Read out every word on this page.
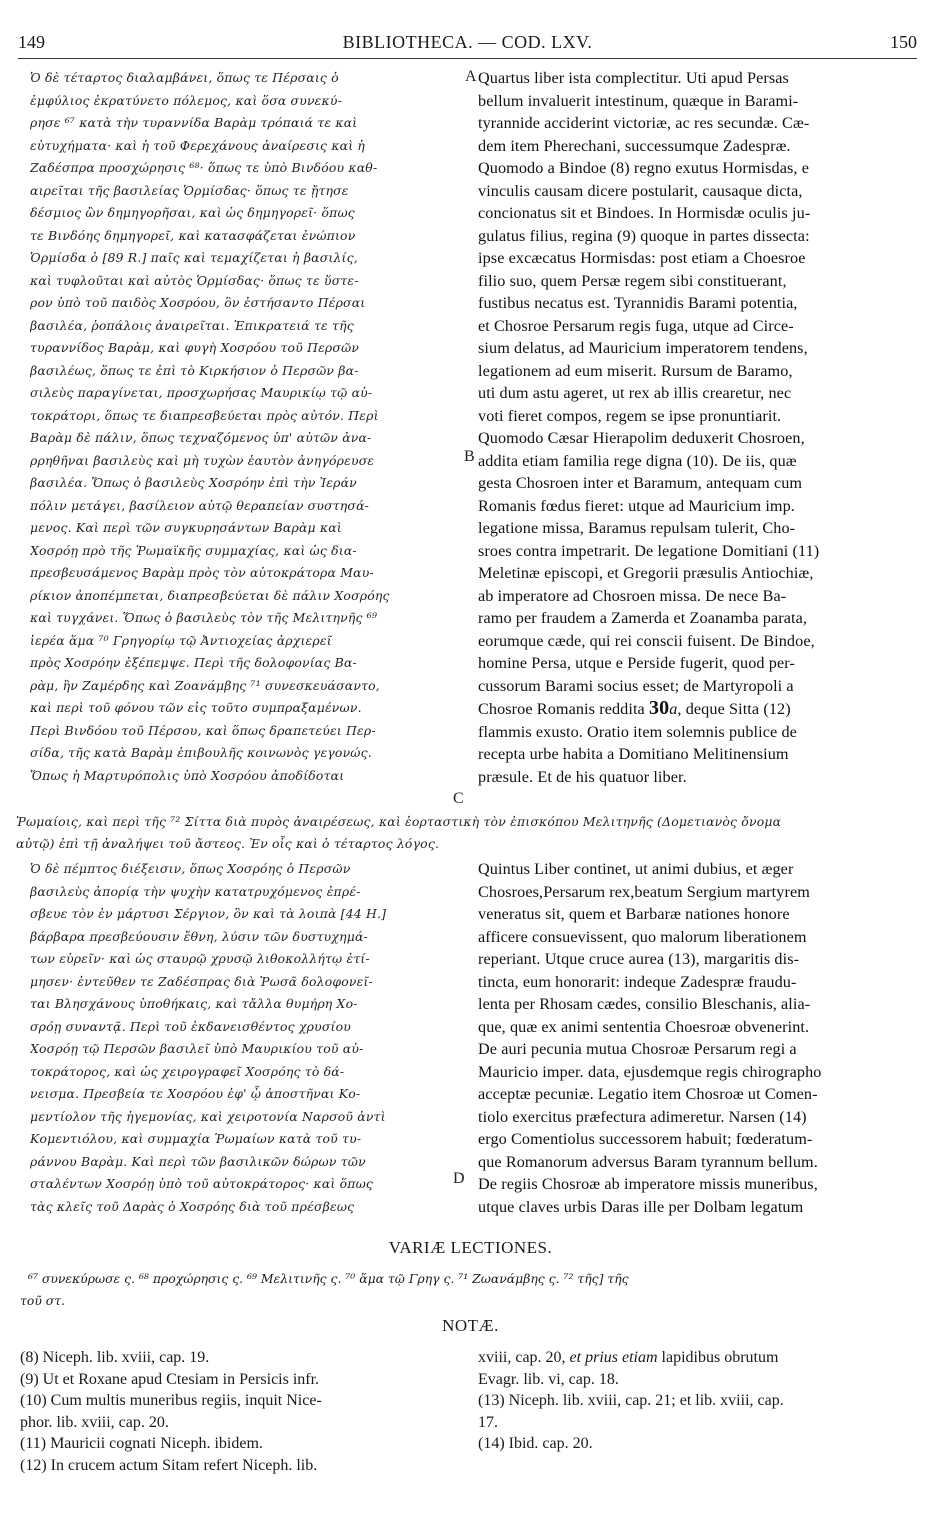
BIBLIOTHECA. — COD. LXV.
149	150
Ὁ δὲ τέταρτος διαλαμβάνει, ὅπως τε Πέρσαις ὁ
ἐμφύλιος ἐκρατύνετο πόλεμος, καὶ ὅσα συνεκύ-
ρησε ⁶⁷ κατὰ τὴν τυραννίδα Βαρὰμ τρόπαιά τε καὶ
εὐτυχήματα· καὶ ἡ τοῦ Φερεχάνους ἀναίρεσις καὶ ἡ
Ζαδέσπρα προσχώρησις ⁶⁸· ὅπως τε ὑπὸ Βινδόου καθ-
αιρεῖται τῆς βασιλείας Ὁρμίσδας· ὅπως τε ᾔτησε
δέσμιος ὢν δημηγορῆσαι, καὶ ὡς δημηγορεῖ· ὅπως
τε Βινδόης δημηγορεῖ, καὶ κατασφάζεται ἐνώπιον
Ὁρμίσδα ὁ [89 R.] παῖς καὶ τεμαχίζεται ἡ βασιλίς,
καὶ τυφλοῦται καὶ αὐτὸς Ὁρμίσδας· ὅπως τε ὕστε-
ρον ὑπὸ τοῦ παιδὸς Χοσρόου, ὃν ἐστήσαντο Πέρσαι
βασιλέα, ῥοπάλοις ἀναιρεῖται. Ἐπικρατειά τε τῆς
τυραννίδος Βαρὰμ, καὶ φυγὴ Χοσρόου τοῦ Περσῶν
βασιλέως, ὅπως τε ἐπὶ τὸ Κιρκήσιον ὁ Περσῶν βα-
σιλεὺς παραγίνεται, προσχωρήσας Μαυρικίῳ τῷ αὐ-
τοκράτορι, ὅπως τε διαπρεσβεύεται πρὸς αὐτόν. Περὶ
Βαρὰμ δὲ πάλιν, ὅπως τεχναζόμενος ὑπ' αὐτῶν ἀνα-
ρρηθῆναι βασιλεὺς καὶ μὴ τυχὼν ἑαυτὸν ἀνηγόρευσε
βασιλέα. Ὅπως ὁ βασιλεὺς Χοσρόην ἐπὶ τὴν Ἱεράν
πόλιν μετάγει, βασίλειον αὐτῷ θεραπείαν συστησά-
μενος. Καὶ περὶ τῶν συγκυρησάντων Βαρὰμ καὶ
Χοσρόῃ πρὸ τῆς Ῥωμαϊκῆς συμμαχίας, καὶ ὡς δια-
πρεσβευσάμενος Βαρὰμ πρὸς τὸν αὐτοκράτορα Μαυ-
ρίκιον ἀποπέμπεται, διαπρεσβεύεται δὲ πάλιν Χοσρόης
καὶ τυγχάνει. Ὅπως ὁ βασιλεὺς τὸν τῆς Μελιτηνῆς ⁶⁹
ἱερέα ἅμα ⁷⁰ Γρηγορίῳ τῷ Ἀντιοχείας ἀρχιερεῖ
πρὸς Χοσρόην ἐξέπεμψε. Περὶ τῆς δολοφονίας Βα-
ρὰμ, ἣν Ζαμέρδης καὶ Ζοανάμβης ⁷¹ συνεσκευάσαντο,
καὶ περὶ τοῦ φόνου τῶν εἰς τοῦτο συμπραξαμένων.
Περὶ Βινδόου τοῦ Πέρσου, καὶ ὅπως δραπετεύει Περ-
σίδα, τῆς κατὰ Βαρὰμ ἐπιβουλῆς κοινωνὸς γεγονώς.
Ὅπως ἡ Μαρτυρόπολις ὑπὸ Χοσρόου ἀποδίδοται
Quartus liber ista complectitur. Uti apud Persas
bellum invaluerit intestinum, quæque in Barami-
tyrannide acciderint victoriæ, ac res secundæ. Cæ-
dem item Pherechani, successumque Zadespræ.
Quomodo a Bindoe (8) regno exutus Hormisdas, e
vinculis causam dicere postularit, causaque dicta,
concionatus sit et Bindoes. In Hormisdæ oculis ju-
gulatus filius, regina (9) quoque in partes dissecta:
ipse excæcatus Hormisdas: post etiam a Choesroe
filio suo, quem Persæ regem sibi constituerant,
fustibus necatus est. Tyrannidis Barami potentia,
et Chosroe Persarum regis fuga, utque ad Circe-
sium delatus, ad Mauricium imperatorem tendens,
legationem ad eum miserit. Rursum de Baramo,
uti dum astu ageret, ut rex ab illis crearetur, nec
voti fieret compos, regem se ipse pronuntiarit.
Quomodo Cæsar Hierapolim deduxerit Chosroen,
addita etiam familia rege digna (10). De iis, quæ
gesta Chosroen inter et Baramum, antequam cum
Romanis fœdus fieret: utque ad Mauricium imp.
legatione missa, Baramus repulsam tulerit, Cho-
sroes contra impetrarit. De legatione Domitiani (11)
Meletinæ episcopi, et Gregorii præsulis Antiochiæ,
ab imperatore ad Chosroen missa. De nece Ba-
ramo per fraudem a Zamerda et Zoanamba parata,
eorumque cæde, qui rei conscii fuisent. De Bindoe,
homine Persa, utque e Perside fugerit, quod per-
cussorum Barami socius esset; de Martyropoli a
Chosroe Romanis reddita 30a, deque Sitta (12)
flammis exusto. Oratio item solemnis publice de
recepta urbe habita a Domitiano Melitinensium
præsule. Et de his quatuor liber.
A
B
C
D
Ῥωμαίοις, καὶ περὶ τῆς ⁷² Σίττα διὰ πυρὸς ἀναιρέσεως, καὶ ἑορταστικὴ τὸν ἐπισκόπου Μελιτηνῆς (Δομετιανὸς ὄνομα
αὐτῷ) ἐπὶ τῇ ἀναλήψει τοῦ ἄστεος. Ἐν οἷς καὶ ὁ τέταρτος λόγος.
Ὁ δὲ πέμπτος διέξεισιν, ὅπως Χοσρόης ὁ Περσῶν
βασιλεὺς ἀπορίᾳ τὴν ψυχὴν κατατρυχόμενος ἐπρέ-
σβευε τὸν ἐν μάρτυσι Σέργιον, ὃν καὶ τὰ λοιπὰ [44 H.]
βάρβαρα πρεσβεύουσιν ἔθνη, λύσιν τῶν δυστυχημά-
των εὑρεῖν· καὶ ὡς σταυρῷ χρυσῷ λιθοκολλήτῳ ἐτί-
μησεν· ἐντεῦθεν τε Ζαδέσπρας διὰ Ῥωσᾶ δολοφονεῖ-
ται Βλησχάνους ὑποθήκαις, καὶ τἄλλα θυμήρη Χο-
σρόῃ συναντᾷ. Περὶ τοῦ ἐκδανεισθέντος χρυσίου
Χοσρόῃ τῷ Περσῶν βασιλεῖ ὑπὸ Μαυρικίου τοῦ αὐ-
τοκράτορος, καὶ ὡς χειρογραφεῖ Χοσρόης τὸ δά-
νεισμα. Πρεσβεία τε Χοσρόου ἐφ' ᾧ ἀποστῆναι Κο-
μεντίολον τῆς ἡγεμονίας, καὶ χειροτονία Ναρσοῦ ἀντὶ
Κομεντιόλου, καὶ συμμαχία Ῥωμαίων κατὰ τοῦ τυ-
ράννου Βαρὰμ. Καὶ περὶ τῶν βασιλικῶν δώρων τῶν
σταλέντων Χοσρόῃ ὑπὸ τοῦ αὐτοκράτορος· καὶ ὅπως
τὰς κλεῖς τοῦ Δαρὰς ὁ Χοσρόης διὰ τοῦ πρέσβεως
Quintus Liber continet, ut animi dubius, et æger
Chosroes,Persarum rex,beatum Sergium martyrem
veneratus sit, quem et Barbaræ nationes honore
afficere consuevissent, quo malorum liberationem
reperiant. Utque cruce aurea (13), margaritis dis-
tincta, eum honorarit: indeque Zadespræ fraudu-
lenta per Rhosam cædes, consilio Bleschanis, alia-
que, quæ ex animi sententia Choesroæ obvenerint.
De auri pecunia mutua Chosroæ Persarum regi a
Mauricio imper. data, ejusdemque regis chirographo
acceptæ pecuniæ. Legatio item Chosroæ ut Comen-
tiolo exercitus præfectura adimeretur. Narsen (14)
ergo Comentiolus successorem habuit; fœderatum-
que Romanorum adversus Baram tyrannum bellum.
De regiis Chosroæ ab imperatore missis muneribus,
utque claves urbis Daras ille per Dolbam legatum
VARIÆ LECTIONES.
⁶⁷ συνεκύρωσε ς. ⁶⁸ προχώρησις ς. ⁶⁹ Μελιτινῆς ς. ⁷⁰ ἅμα τῷ Γρηγ ς. ⁷¹ Ζωανάμβης ς. ⁷² τῆς] τῆς
τοῦ στ.
NOTÆ.
(8) Niceph. lib. xviii, cap. 19.
(9) Ut et Roxane apud Ctesiam in Persicis infr.
(10) Cum multis muneribus regiis, inquit Nice-
phor. lib. xviii, cap. 20.
(11) Mauricii cognati Niceph. ibidem.
(12) In crucem actum Sitam refert Niceph. lib.
xviii, cap. 20, et prius etiam lapidibus obrutum
Evagr. lib. vi, cap. 18.
(13) Niceph. lib. xviii, cap. 21; et lib. xviii, cap.
17.
(14) Ibid. cap. 20.
